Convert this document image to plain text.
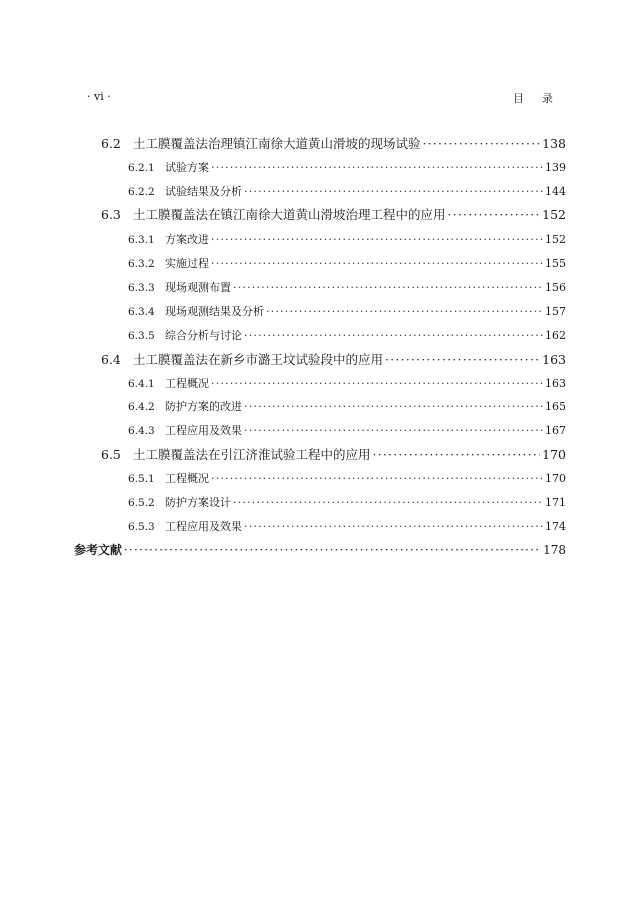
· vi ·	目录
6.2 土工膜覆盖法治理镇江南徐大道黄山滑坡的现场试验 ·····	138
6.2.1 试验方案 ·····	139
6.2.2 试验结果及分析 ·····	144
6.3 土工膜覆盖法在镇江南徐大道黄山滑坡治理工程中的应用 ·····	152
6.3.1 方案改进 ·····	152
6.3.2 实施过程 ·····	155
6.3.3 现场观测布置 ·····	156
6.3.4 现场观测结果及分析 ·····	157
6.3.5 综合分析与讨论 ·····	162
6.4 土工膜覆盖法在新乡市潞王坟试验段中的应用 ·····	163
6.4.1 工程概况 ·····	163
6.4.2 防护方案的改进 ·····	165
6.4.3 工程应用及效果 ·····	167
6.5 土工膜覆盖法在引江济淮试验工程中的应用 ·····	170
6.5.1 工程概况 ·····	170
6.5.2 防护方案设计 ·····	171
6.5.3 工程应用及效果 ·····	174
参考文献 ·····	178
